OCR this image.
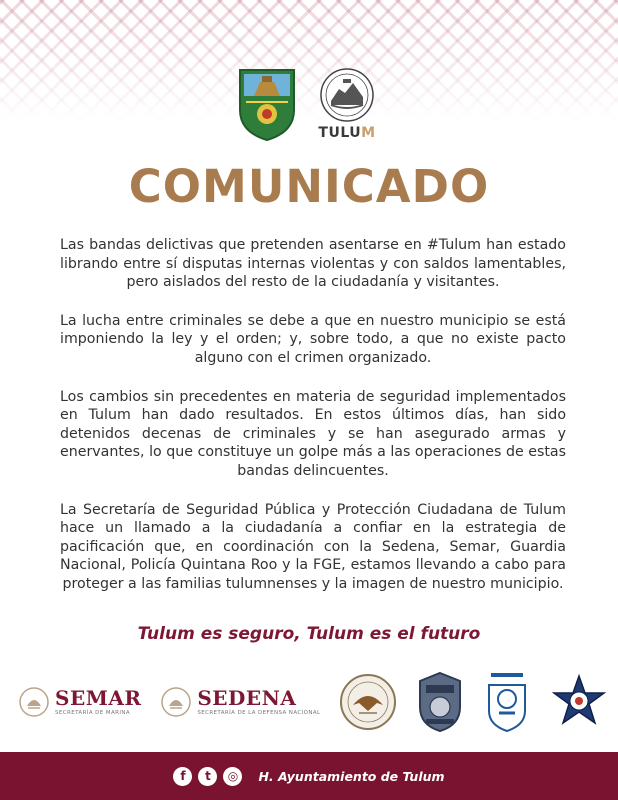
TULUM
COMUNICADO

Las bandas delictivas que pretenden asentarse en #Tulum han estado librando entre sí disputas internas violentas y con saldos lamentables, pero aislados del resto de la ciudadanía y visitantes.

La lucha entre criminales se debe a que en nuestro municipio se está imponiendo la ley y el orden; y, sobre todo, a que no existe pacto alguno con el crimen organizado.

Los cambios sin precedentes en materia de seguridad implementados en Tulum han dado resultados. En estos últimos días, han sido detenidos decenas de criminales y se han asegurado armas y enervantes, lo que constituye un golpe más a las operaciones de estas bandas delincuentes.

La Secretaría de Seguridad Pública y Protección Ciudadana de Tulum hace un llamado a la ciudadanía a confiar en la estrategia de pacificación que, en coordinación con la Sedena, Semar, Guardia Nacional, Policía Quintana Roo y la FGE, estamos llevando a cabo para proteger a las familias tulumnenses y la imagen de nuestro municipio.

Tulum es seguro, Tulum es el futuro
SEMAR
SECRETARÍA DE MARINA
SEDENA
SECRETARÍA DE LA DEFENSA NACIONAL
f	t	◎	H. Ayuntamiento de Tulum
